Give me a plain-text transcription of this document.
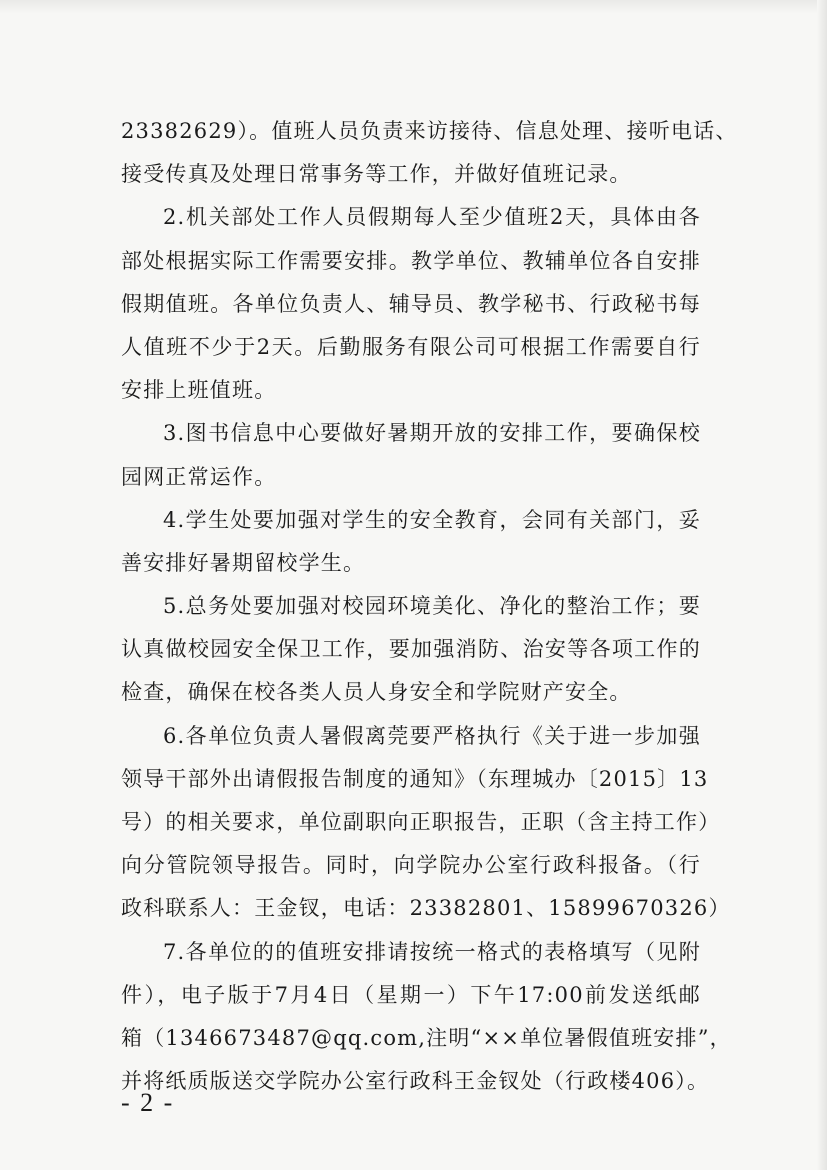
23382629）。值班人员负责来访接待、信息处理、接听电话、
接受传真及处理日常事务等工作，并做好值班记录。
2.机关部处工作人员假期每人至少值班2天，具体由各
部处根据实际工作需要安排。教学单位、教辅单位各自安排
假期值班。各单位负责人、辅导员、教学秘书、行政秘书每
人值班不少于2天。后勤服务有限公司可根据工作需要自行
安排上班值班。
3.图书信息中心要做好暑期开放的安排工作，要确保校
园网正常运作。
4.学生处要加强对学生的安全教育，会同有关部门，妥
善安排好暑期留校学生。
5.总务处要加强对校园环境美化、净化的整治工作；要
认真做校园安全保卫工作，要加强消防、治安等各项工作的
检查，确保在校各类人员人身安全和学院财产安全。
6.各单位负责人暑假离莞要严格执行《关于进一步加强
领导干部外出请假报告制度的通知》（东理城办〔2015〕13
号）的相关要求，单位副职向正职报告，正职（含主持工作）
向分管院领导报告。同时，向学院办公室行政科报备。（行
政科联系人：王金钗，电话：23382801、15899670326）
7.各单位的的值班安排请按统一格式的表格填写（见附
件），电子版于7月4日（星期一）下午17:00前发送纸邮
箱（1346673487@qq.com,注明“××单位暑假值班安排”，
并将纸质版送交学院办公室行政科王金钗处（行政楼406）。
- 2 -
